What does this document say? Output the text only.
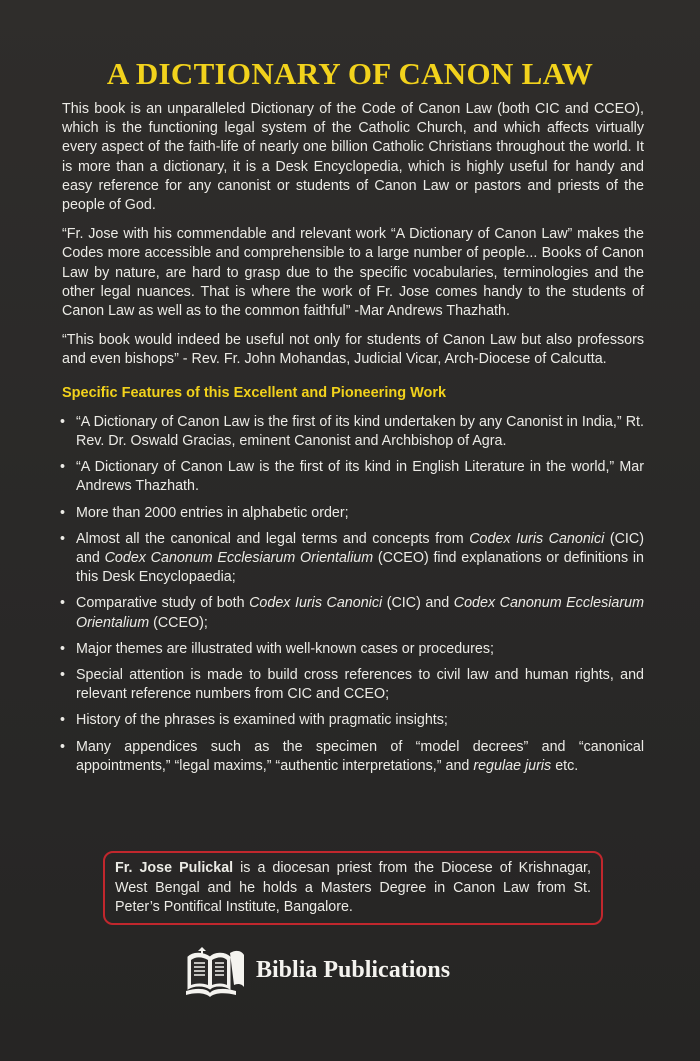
A DICTIONARY OF CANON LAW

This book is an unparalleled Dictionary of the Code of Canon Law (both CIC and CCEO), which is the functioning legal system of the Catholic Church, and which affects virtually every aspect of the faith-life of nearly one billion Catholic Christians throughout the world. It is more than a dictionary, it is a Desk Encyclopedia, which is highly useful for handy and easy reference for any canonist or students of Canon Law or pastors and priests of the people of God.

“Fr. Jose with his commendable and relevant work “A Dictionary of Canon Law” makes the Codes more accessible and comprehensible to a large number of people... Books of Canon Law by nature, are hard to grasp due to the specific vocabularies, terminologies and the other legal nuances. That is where the work of Fr. Jose comes handy to the students of Canon Law as well as to the common faithful” -Mar Andrews Thazhath.

“This book would indeed be useful not only for students of Canon Law but also professors and even bishops” - Rev. Fr. John Mohandas, Judicial Vicar, Arch-Diocese of Calcutta.

Specific Features of this Excellent and Pioneering Work
• “A Dictionary of Canon Law is the first of its kind undertaken by any Canonist in India,” Rt. Rev. Dr. Oswald Gracias, eminent Canonist and Archbishop of Agra.
• “A Dictionary of Canon Law is the first of its kind in English Literature in the world,” Mar Andrews Thazhath.
• More than 2000 entries in alphabetic order;
• Almost all the canonical and legal terms and concepts from Codex Iuris Canonici (CIC) and Codex Canonum Ecclesiarum Orientalium (CCEO) find explanations or definitions in this Desk Encyclopaedia;
• Comparative study of both Codex Iuris Canonici (CIC) and Codex Canonum Ecclesiarum Orientalium (CCEO);
• Major themes are illustrated with well-known cases or procedures;
• Special attention is made to build cross references to civil law and human rights, and relevant reference numbers from CIC and CCEO;
• History of the phrases is examined with pragmatic insights;
• Many appendices such as the specimen of “model decrees” and “canonical appointments,” “legal maxims,” “authentic interpretations,” and regulae juris etc.
Fr. Jose Pulickal is a diocesan priest from the Diocese of Krishnagar, West Bengal and he holds a Masters Degree in Canon Law from St. Peter’s Pontifical Institute, Bangalore.
Biblia Publications
